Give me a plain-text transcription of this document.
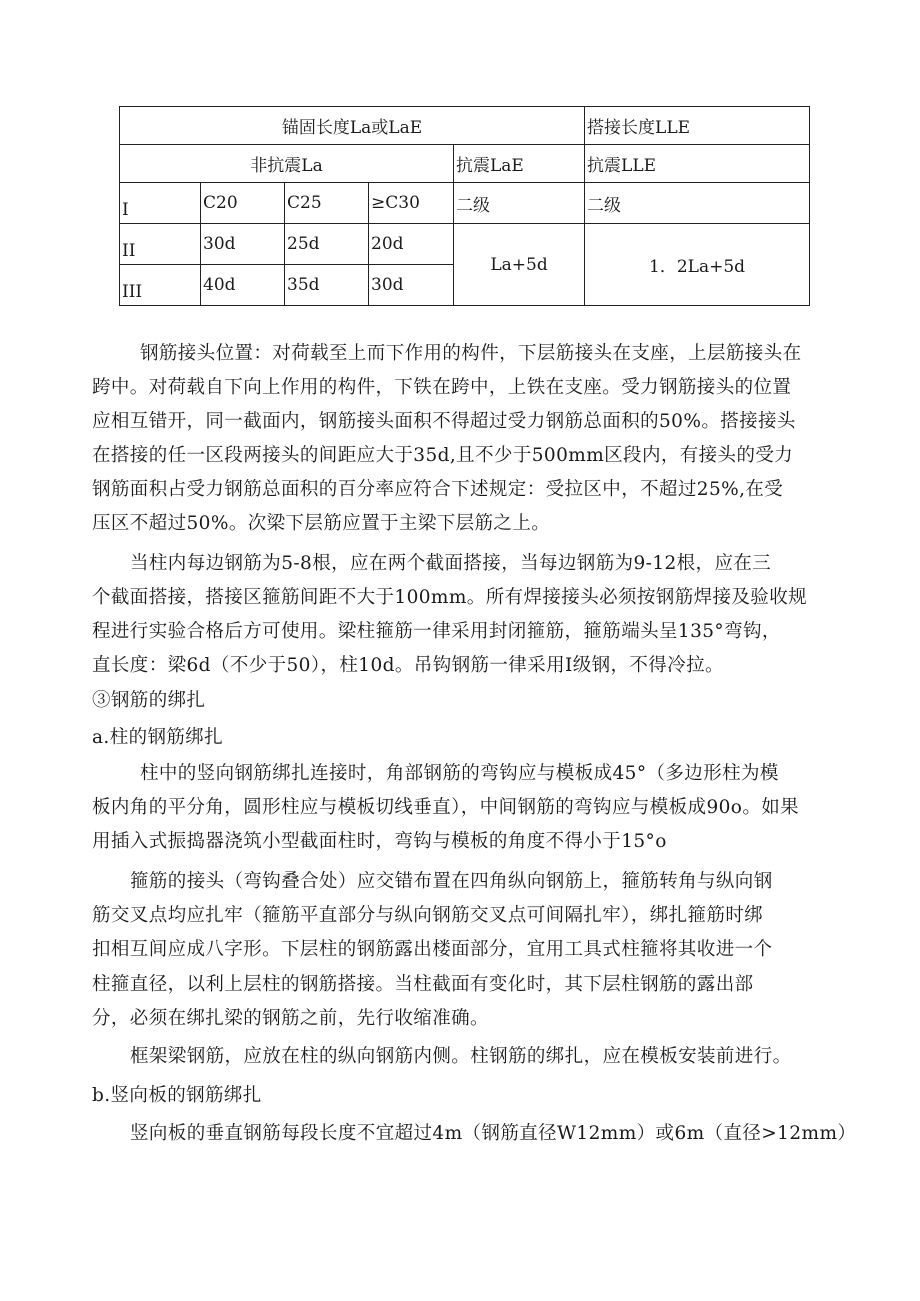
锚固长度La或LaE					搭接长度LLE
非抗震La				抗震LaE	抗震LLE
I	C20	C25	≥C30	二级	二级
II	30d	25d	20d	La+5d	1．2La+5d
III	40d	35d	30d		
钢筋接头位置：对荷载至上而下作用的构件，下层筋接头在支座，上层筋接头在
跨中。对荷载自下向上作用的构件，下铁在跨中，上铁在支座。受力钢筋接头的位置
应相互错开，同一截面内，钢筋接头面积不得超过受力钢筋总面积的50%。搭接接头
在搭接的任一区段两接头的间距应大于35d,且不少于500mm区段内，有接头的受力
钢筋面积占受力钢筋总面积的百分率应符合下述规定：受拉区中，不超过25%,在受
压区不超过50%。次梁下层筋应置于主梁下层筋之上。
当柱内每边钢筋为5-8根，应在两个截面搭接，当每边钢筋为9-12根，应在三
个截面搭接，搭接区箍筋间距不大于100mm。所有焊接接头必须按钢筋焊接及验收规
程进行实验合格后方可使用。梁柱箍筋一律采用封闭箍筋，箍筋端头呈135°弯钩，
直长度：梁6d（不少于50），柱10d。吊钩钢筋一律采用I级钢，不得冷拉。
③钢筋的绑扎
a.柱的钢筋绑扎
柱中的竖向钢筋绑扎连接时，角部钢筋的弯钩应与模板成45°（多边形柱为模
板内角的平分角，圆形柱应与模板切线垂直），中间钢筋的弯钩应与模板成90o。如果
用插入式振捣器浇筑小型截面柱时，弯钩与模板的角度不得小于15°o
箍筋的接头（弯钩叠合处）应交错布置在四角纵向钢筋上，箍筋转角与纵向钢
筋交叉点均应扎牢（箍筋平直部分与纵向钢筋交叉点可间隔扎牢），绑扎箍筋时绑
扣相互间应成八字形。下层柱的钢筋露出楼面部分，宜用工具式柱箍将其收进一个
柱箍直径，以利上层柱的钢筋搭接。当柱截面有变化时，其下层柱钢筋的露出部
分，必须在绑扎梁的钢筋之前，先行收缩准确。
框架梁钢筋，应放在柱的纵向钢筋内侧。柱钢筋的绑扎，应在模板安装前进行。
b.竖向板的钢筋绑扎
竖向板的垂直钢筋每段长度不宜超过4m（钢筋直径W12mm）或6m（直径>12mm）
